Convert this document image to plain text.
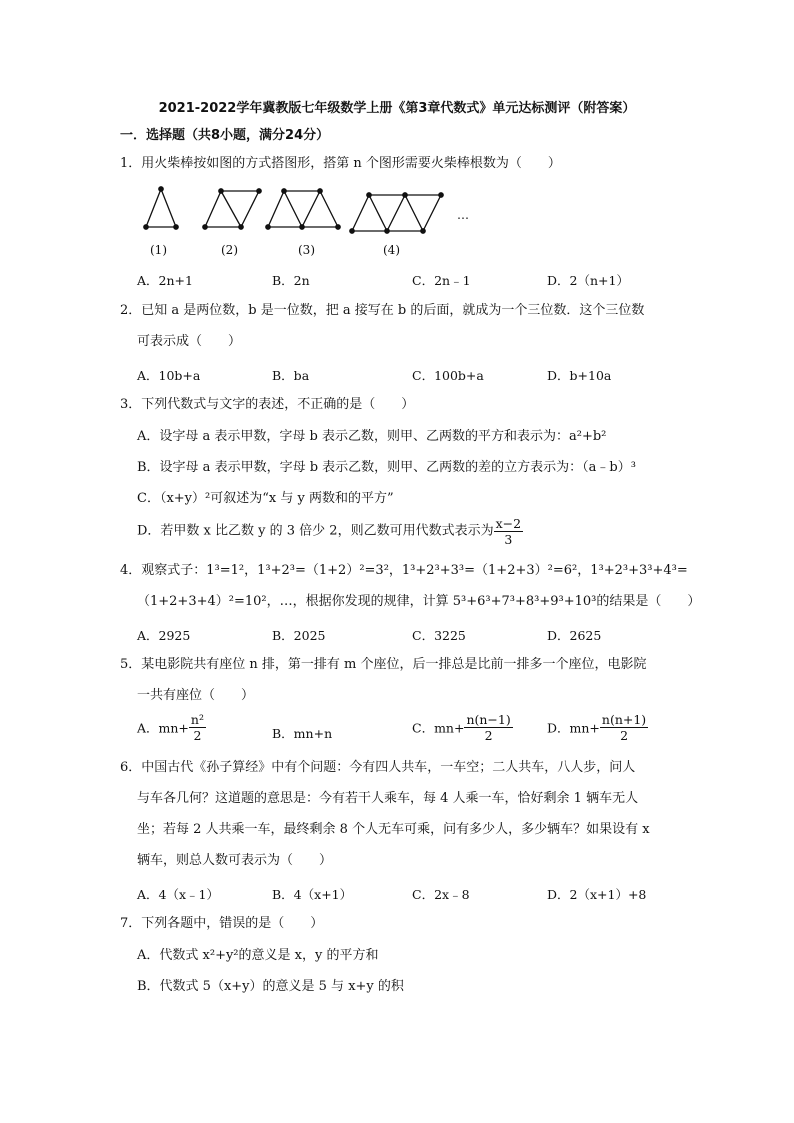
2021-2022学年冀教版七年级数学上册《第3章代数式》单元达标测评（附答案）
一．选择题（共8小题，满分24分）
1．用火柴棒按如图的方式搭图形，搭第 n 个图形需要火柴棒根数为（　　）
…
(1)	(2)	(3)	(4)
A．2n+1	B．2n	C．2n﹣1	D．2（n+1）
2．已知 a 是两位数，b 是一位数，把 a 接写在 b 的后面，就成为一个三位数．这个三位数
可表示成（　　）
A．10b+a	B．ba	C．100b+a	D．b+10a
3．下列代数式与文字的表述，不正确的是（　　）
A．设字母 a 表示甲数，字母 b 表示乙数，则甲、乙两数的平方和表示为：a²+b²
B．设字母 a 表示甲数，字母 b 表示乙数，则甲、乙两数的差的立方表示为：（a﹣b）³
C．（x+y）²可叙述为“x 与 y 两数和的平方”
D．若甲数 x 比乙数 y 的 3 倍少 2，则乙数可用代数式表示为 $\frac{x-2}{3}$
4．观察式子：1³=1²，1³+2³=（1+2）²=3²，1³+2³+3³=（1+2+3）²=6²，1³+2³+3³+4³=
（1+2+3+4）²=10²，…，根据你发现的规律，计算 5³+6³+7³+8³+9³+10³的结果是（　　）
A．2925	B．2025	C．3225	D．2625
5．某电影院共有座位 n 排，第一排有 m 个座位，后一排总是比前一排多一个座位，电影院
一共有座位（　　）
A．$mn+ \frac{\text{n²}}{2}$	B．mn+n	C．$mn+ \frac{n(n-1)}{2}$	D．$mn+ \frac{n(n+1)}{2}$
6．中国古代《孙子算经》中有个问题：今有四人共车，一车空；二人共车，八人步，问人
与车各几何？这道题的意思是：今有若干人乘车，每 4 人乘一车，恰好剩余 1 辆车无人
坐；若每 2 人共乘一车，最终剩余 8 个人无车可乘，问有多少人，多少辆车？如果设有 x
辆车，则总人数可表示为（　　）
A．4（x﹣1）	B．4（x+1）	C．2x﹣8	D．2（x+1）+8
7．下列各题中，错误的是（　　）
A．代数式 x²+y²的意义是 x，y 的平方和
B．代数式 5（x+y）的意义是 5 与 x+y 的积
